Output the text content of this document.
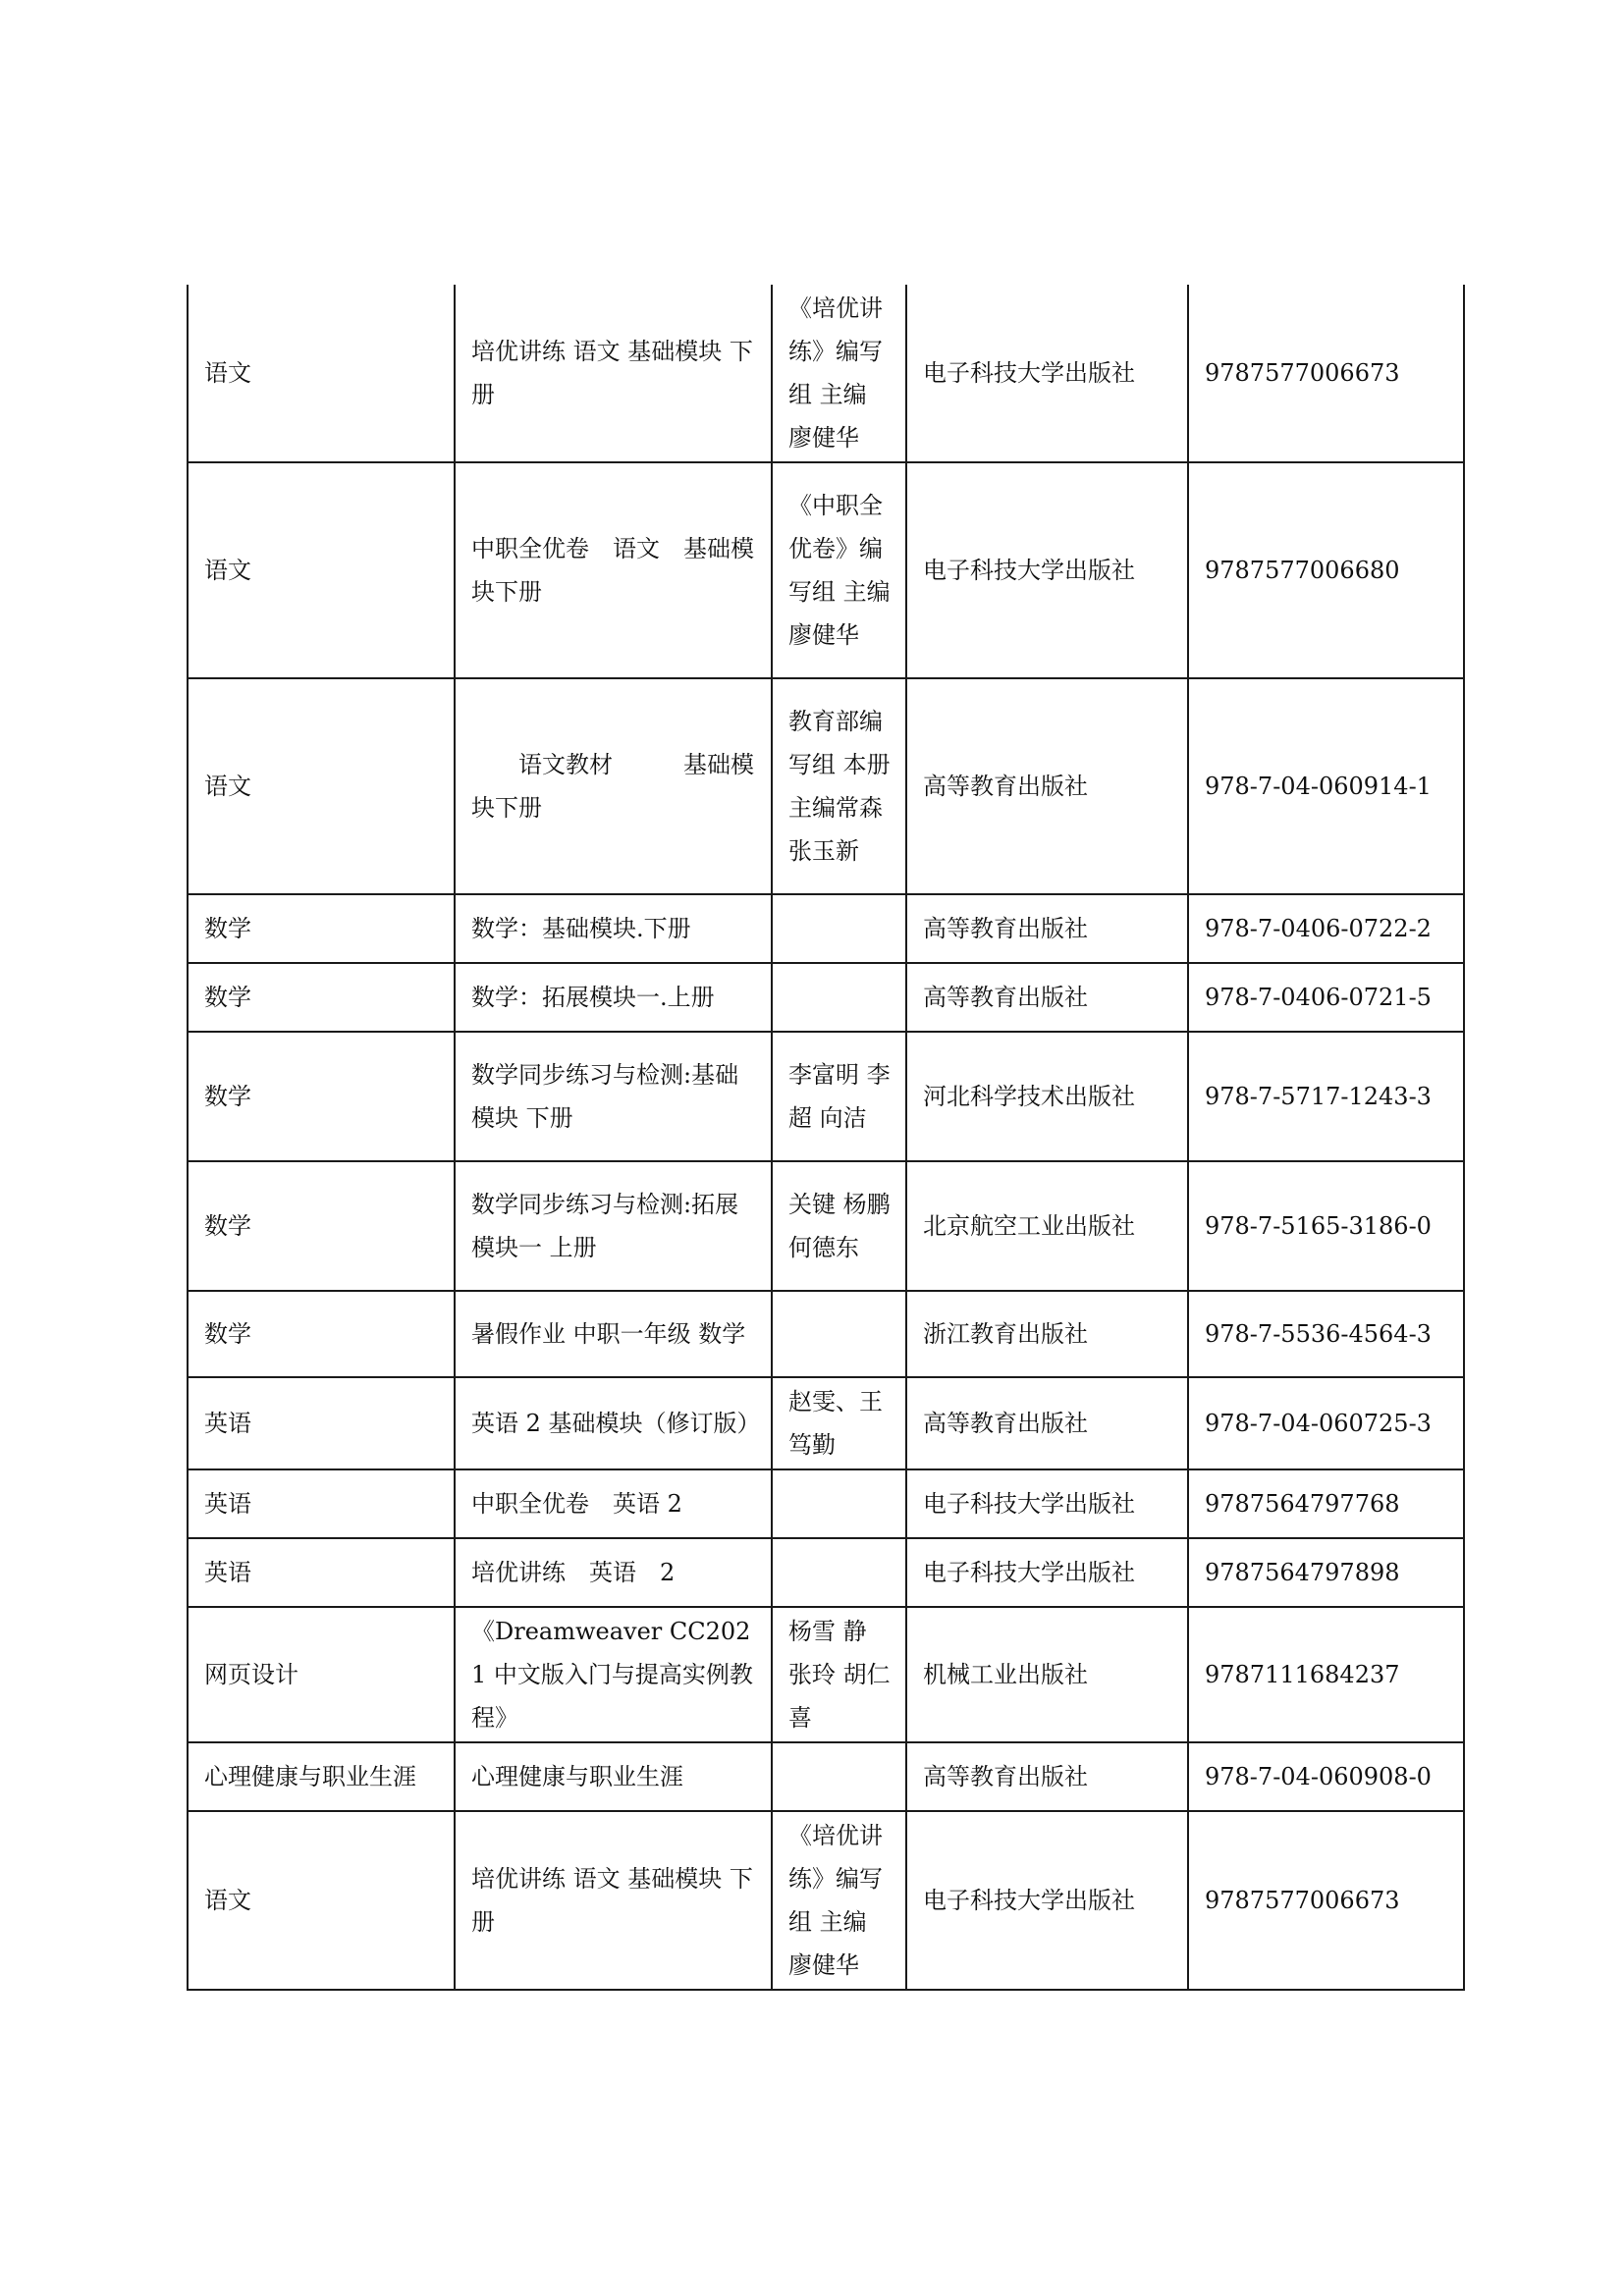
语文	培优讲练 语文 基础模块 下册	《培优讲练》编写组 主编 廖健华	电子科技大学出版社	9787577006673
语文	中职全优卷　语文　基础模块下册	《中职全优卷》编写组 主编 廖健华	电子科技大学出版社	9787577006680
语文	　　语文教材　　　基础模块下册	教育部编写组 本册主编常森 张玉新	高等教育出版社	978-7-04-060914-1
数学	数学：基础模块.下册		高等教育出版社	978-7-0406-0722-2
数学	数学：拓展模块一.上册		高等教育出版社	978-7-0406-0721-5
数学	数学同步练习与检测:基础模块 下册	李富明 李超 向洁	河北科学技术出版社	978-7-5717-1243-3
数学	数学同步练习与检测:拓展模块一 上册	关键 杨鹏 何德东	北京航空工业出版社	978-7-5165-3186-0
数学	暑假作业 中职一年级 数学		浙江教育出版社	978-7-5536-4564-3
英语	英语 2 基础模块（修订版）	赵雯、王笃勤	高等教育出版社	978-7-04-060725-3
英语	中职全优卷　英语 2		电子科技大学出版社	9787564797768
英语	培优讲练　英语　2		电子科技大学出版社	9787564797898
网页设计	《Dreamweaver CC2021 中文版入门与提高实例教程》	杨雪 静 张玲 胡仁喜	机械工业出版社	9787111684237
心理健康与职业生涯	心理健康与职业生涯		高等教育出版社	978-7-04-060908-0
语文	培优讲练 语文 基础模块 下册	《培优讲练》编写组 主编 廖健华	电子科技大学出版社	9787577006673
